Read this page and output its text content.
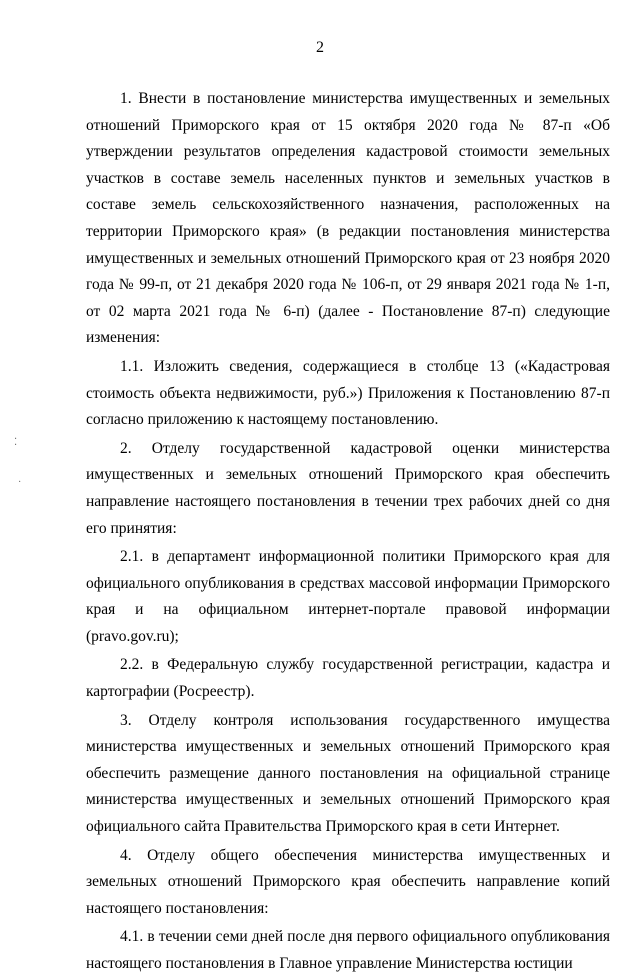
2
⁚
·

1. Внести в постановление министерства имущественных и земельных отношений Приморского края от 15 октября 2020 года № 87-п «Об утверждении результатов определения кадастровой стоимости земельных участков в составе земель населенных пунктов и земельных участков в составе земель сельскохозяйственного назначения, расположенных на территории Приморского края» (в редакции постановления министерства имущественных и земельных отношений Приморского края от 23 ноября 2020 года № 99-п, от 21 декабря 2020 года № 106-п, от 29 января 2021 года № 1-п, от 02 марта 2021 года № 6-п) (далее - Постановление 87-п) следующие изменения:

1.1. Изложить сведения, содержащиеся в столбце 13 («Кадастровая стоимость объекта недвижимости, руб.») Приложения к Постановлению 87-п согласно приложению к настоящему постановлению.

2. Отделу государственной кадастровой оценки министерства имущественных и земельных отношений Приморского края обеспечить направление настоящего постановления в течении трех рабочих дней со дня его принятия:

2.1. в департамент информационной политики Приморского края для официального опубликования в средствах массовой информации Приморского края и на официальном интернет-портале правовой информации (pravo.gov.ru);

2.2. в Федеральную службу государственной регистрации, кадастра и картографии (Росреестр).

3. Отделу контроля использования государственного имущества министерства имущественных и земельных отношений Приморского края обеспечить размещение данного постановления на официальной странице министерства имущественных и земельных отношений Приморского края официального сайта Правительства Приморского края в сети Интернет.

4. Отделу общего обеспечения министерства имущественных и земельных отношений Приморского края обеспечить направление копий настоящего постановления:

4.1. в течении семи дней после дня первого официального опубликования настоящего постановления в Главное управление Министерства юстиции
